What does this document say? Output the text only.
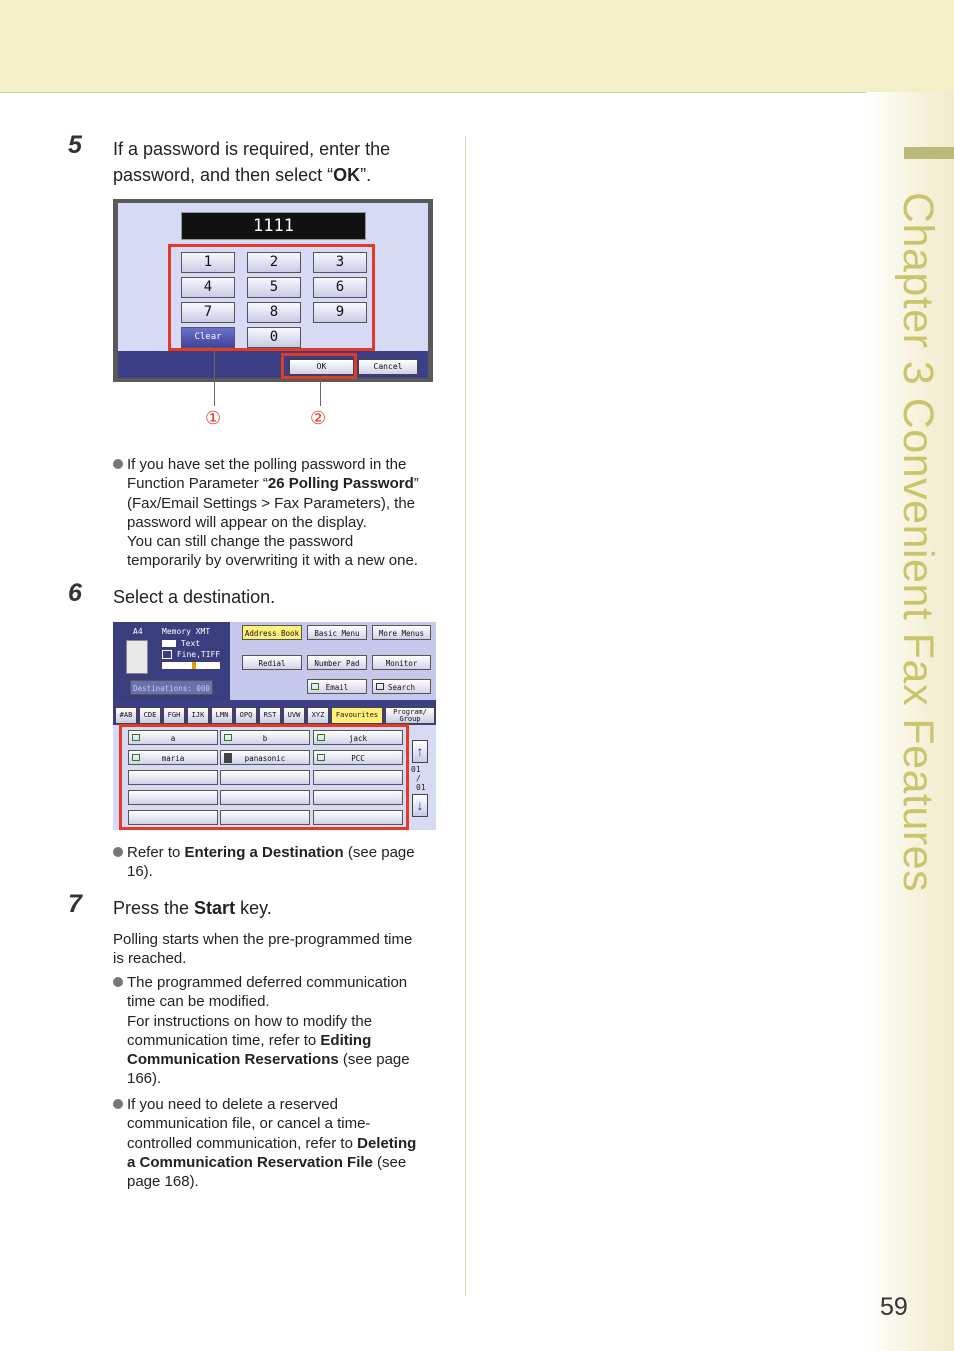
Chapter 3 Convenient Fax Features
59
5 If a password is required, enter the
password, and then select “OK”.
1111
1	2	3
4	5	6
7	8	9
Clear	0
OK	Cancel
①	②

If you have set the polling password in the

Function Parameter “26 Polling Password”

(Fax/Email Settings > Fax Parameters), the

password will appear on the display.

You can still change the password

temporarily by overwriting it with a new one.

6 Select a destination.
A4 Memory XMT
Text
Fine,TIFF
Destinations: 000
Address Book	Basic Menu	More Menus
Redial	Number Pad	Monitor
Email	Search
#AB	CDE	FGH	IJK	LMN	OPQ	RST	UVW	XYZ	Favourites	Program/
Group
a	b	jack
maria	panasonic	PCC	↑
01
/
01
↓

Refer to Entering a Destination (see page

16).

7 Press the Start key.

Polling starts when the pre-programmed time

is reached.

The programmed deferred communication

time can be modified.

For instructions on how to modify the

communication time, refer to Editing

Communication Reservations (see page

166).

If you need to delete a reserved

communication file, or cancel a time-

controlled communication, refer to Deleting

a Communication Reservation File (see

page 168).
